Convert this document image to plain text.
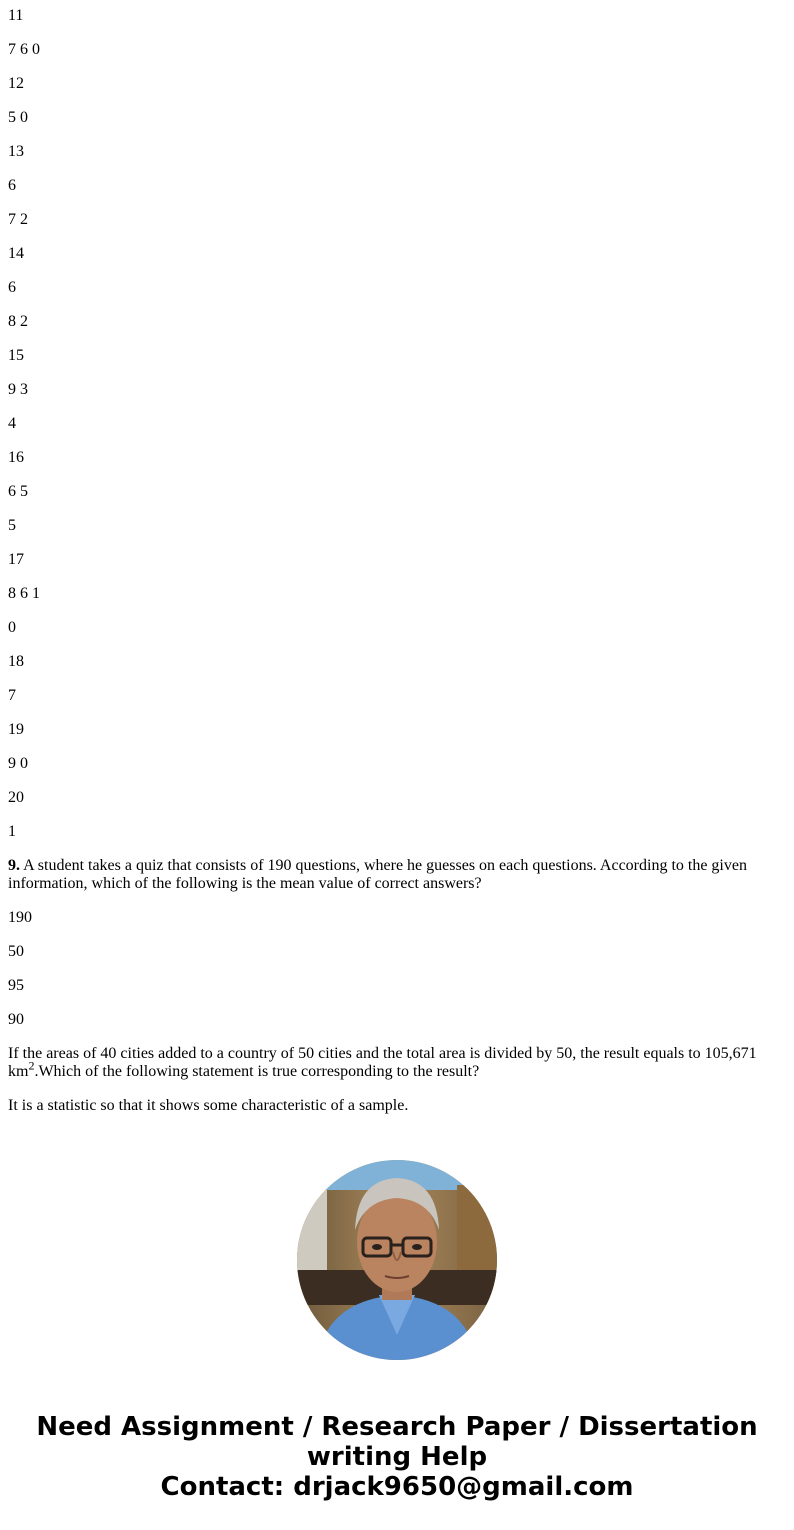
11

7 6 0

12

5 0

13

6

7 2

14

6

8 2

15

9 3

4

16

6 5

5

17

8 6 1

0

18

7

19

9 0

20

1

9. A student takes a quiz that consists of 190 questions, where he guesses on each questions. According to the given information, which of the following is the mean value of correct answers?

190

50

95

90

If the areas of 40 cities added to a country of 50 cities and the total area is divided by 50, the result equals to 105,671 $km^2.Which$ of the following statement is true corresponding to the result?

It is a statistic so that it shows some characteristic of a sample.

Need Assignment / Research Paper / Dissertation
writing Help
Contact: drjack9650@gmail.com
